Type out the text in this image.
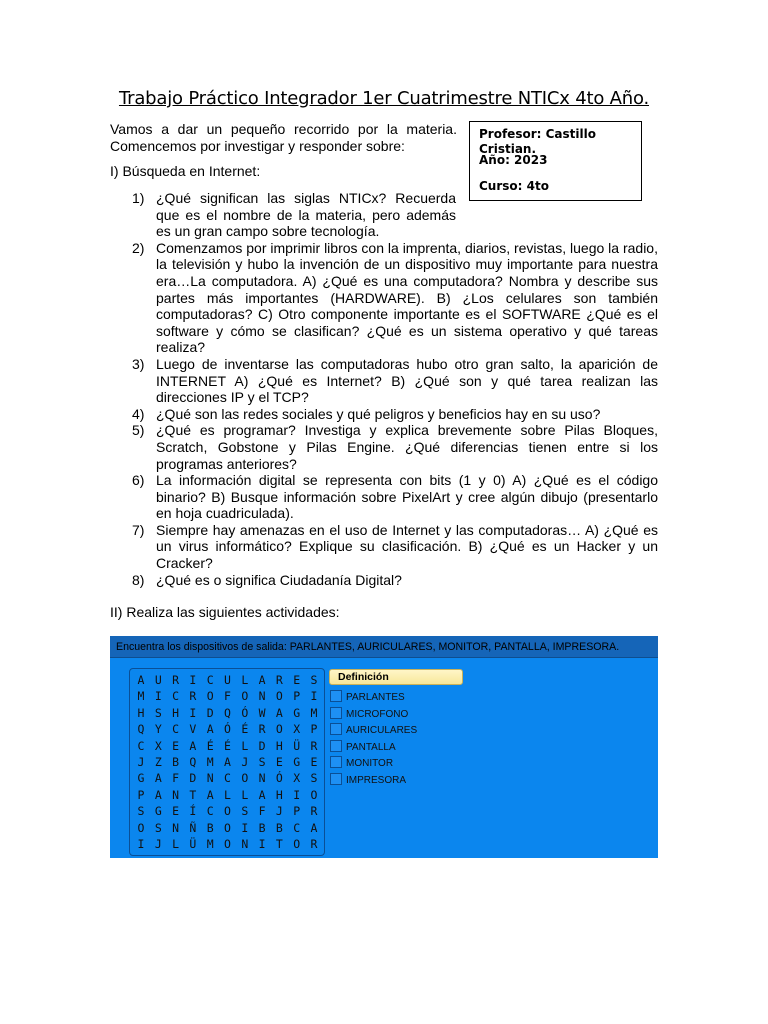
Trabajo Práctico Integrador 1er Cuatrimestre NTICx 4to Año.
Vamos a dar un pequeño recorrido por la materia. Comencemos por investigar y responder sobre:
I) Búsqueda en Internet:
Profesor: Castillo Cristian.
Año: 2023
Curso: 4to
1) ¿Qué significan las siglas NTICx? Recuerda que es el nombre de la materia, pero además es un gran campo sobre tecnología.
2) Comenzamos por imprimir libros con la imprenta, diarios, revistas, luego la radio, la televisión y hubo la invención de un dispositivo muy importante para nuestra era…La computadora. A) ¿Qué es una computadora? Nombra y describe sus partes más importantes (HARDWARE). B) ¿Los celulares son también computadoras? C) Otro componente importante es el SOFTWARE ¿Qué es el software y cómo se clasifican? ¿Qué es un sistema operativo y qué tareas realiza?
3) Luego de inventarse las computadoras hubo otro gran salto, la aparición de INTERNET A) ¿Qué es Internet? B) ¿Qué son y qué tarea realizan las direcciones IP y el TCP?
4) ¿Qué son las redes sociales y qué peligros y beneficios hay en su uso?
5) ¿Qué es programar? Investiga y explica brevemente sobre Pilas Bloques, Scratch, Gobstone y Pilas Engine. ¿Qué diferencias tienen entre si los programas anteriores?
6) La información digital se representa con bits (1 y 0) A) ¿Qué es el código binario? B) Busque información sobre PixelArt y cree algún dibujo (presentarlo en hoja cuadriculada).
7) Siempre hay amenazas en el uso de Internet y las computadoras… A) ¿Qué es un virus informático? Explique su clasificación. B) ¿Qué es un Hacker y un Cracker?
8) ¿Qué es o significa Ciudadanía Digital?
II) Realiza las siguientes actividades:
Encuentra los dispositivos de salida: PARLANTES, AURICULARES, MONITOR, PANTALLA, IMPRESORA.
A U R I C U L A R E S
M I C R O F O N O P I
H S H I D Q Ó W A G M
Q Y C V A Ó É R O X P
C X E A É É L D H Ü R
J Z B Q M A J S E G E
G A F D N C O N Ó X S
P A N T A L L A H I O
S G E Í C O S F J P R
O S N Ñ B O I B B C A
I J L Ü M O N I T O R
Definición
PARLANTES
MICROFONO
AURICULARES
PANTALLA
MONITOR
IMPRESORA
